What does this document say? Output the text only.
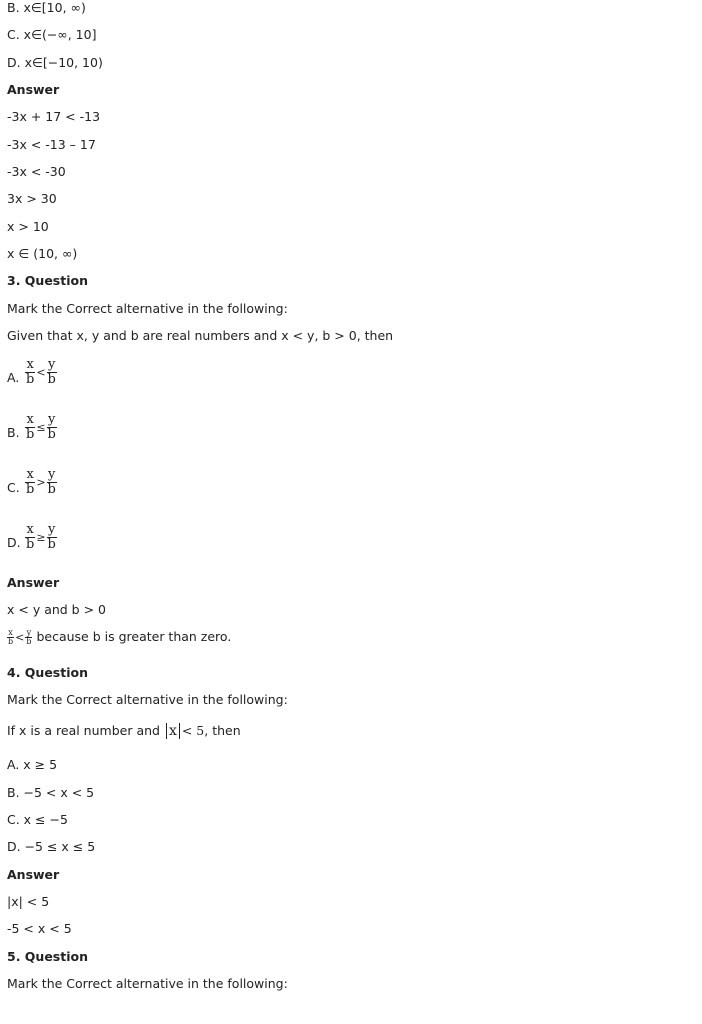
B. x∈[10, ∞)
C. x∈(−∞, 10]
D. x∈[−10, 10)
Answer
-3x + 17 < -13
-3x < -13 – 17
-3x < -30
3x > 30
x > 10
x ∈ (10, ∞)
3. Question
Mark the Correct alternative in the following:
Given that x, y and b are real numbers and x < y, b > 0, then
A. $\frac{x}{b} < \frac{y}{b}$
B. $\frac{x}{b} \le \frac{y}{b}$
C. $\frac{x}{b} > \frac{y}{b}$
D. $\frac{x}{b} \ge \frac{y}{b}$
Answer
x < y and b > 0
$\frac{x}{b} < \frac{y}{b}$ because b is greater than zero.
4. Question
Mark the Correct alternative in the following:
If x is a real number and x < 5, then
A. x ≥ 5
B. −5 < x < 5
C. x ≤ −5
D. −5 ≤ x ≤ 5
Answer
|x| < 5
-5 < x < 5
5. Question
Mark the Correct alternative in the following:
